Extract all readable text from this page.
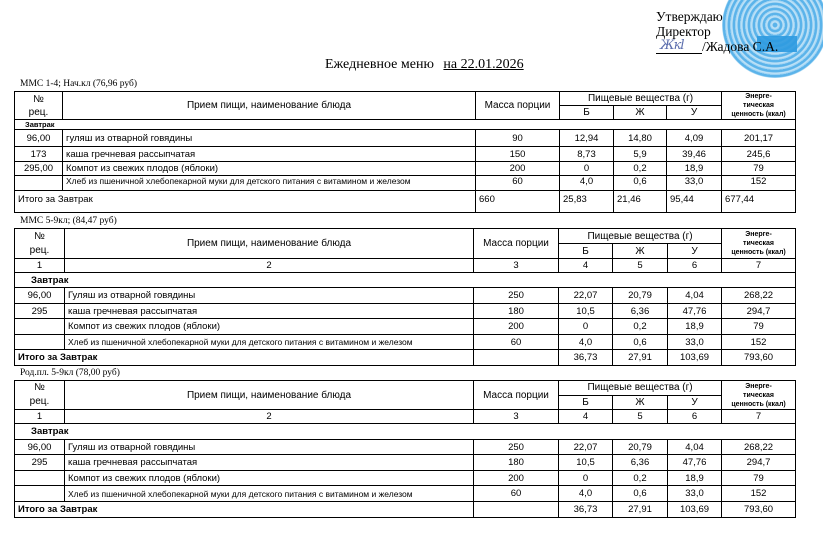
Утверждаю
Директор
Жкl /Жадова С.А.
Ежедневное меню на 22.01.2026
ММС 1-4; Нач.кл (76,96 руб)
№
рец.
	Прием пищи, наименование блюда	Масса порции	Пищевые вещества (г)	Энерге-
тическая
ценность (ккал)

			Б	Ж	У	
Завтрак						
96,00	гуляш из отварной говядины	90	12,94	14,80	4,09	201,17
173	каша гречневая рассыпчатая	150	8,73	5,9	39,46	245,6
295,00	Компот из свежих плодов (яблоки)	200	0	0,2	18,9	79
	Хлеб из пшеничной хлебопекарной муки для детского питания с витамином и железом	60	4,0	0,6	33,0	152
Итого за Завтрак		660	25,83	21,46	95,44	677,44
ММС 5-9кл; (84,47 руб)
№
рец.
	Прием пищи, наименование блюда	Масса порции	Пищевые вещества (г)	Энерге-
тическая
ценность (ккал)

			Б	Ж	У	
1	2	3	4	5	6	7
Завтрак						
96,00	Гуляш из отварной говядины	250	22,07	20,79	4,04	268,22
295	каша гречневая рассыпчатая	180	10,5	6,36	47,76	294,7
	Компот из свежих плодов (яблоки)	200	0	0,2	18,9	79
	Хлеб из пшеничной хлебопекарной муки для детского питания с витамином и железом	60	4,0	0,6	33,0	152
Итого за Завтрак			36,73	27,91	103,69	793,60
Род.пл. 5-9кл (78,00 руб)
№
рец.
	Прием пищи, наименование блюда	Масса порции	Пищевые вещества (г)	Энерге-
тическая
ценность (ккал)

			Б	Ж	У	
1	2	3	4	5	6	7
Завтрак						
96,00	Гуляш из отварной говядины	250	22,07	20,79	4,04	268,22
295	каша гречневая рассыпчатая	180	10,5	6,36	47,76	294,7
	Компот из свежих плодов (яблоки)	200	0	0,2	18,9	79
	Хлеб из пшеничной хлебопекарной муки для детского питания с витамином и железом	60	4,0	0,6	33,0	152
Итого за Завтрак			36,73	27,91	103,69	793,60
